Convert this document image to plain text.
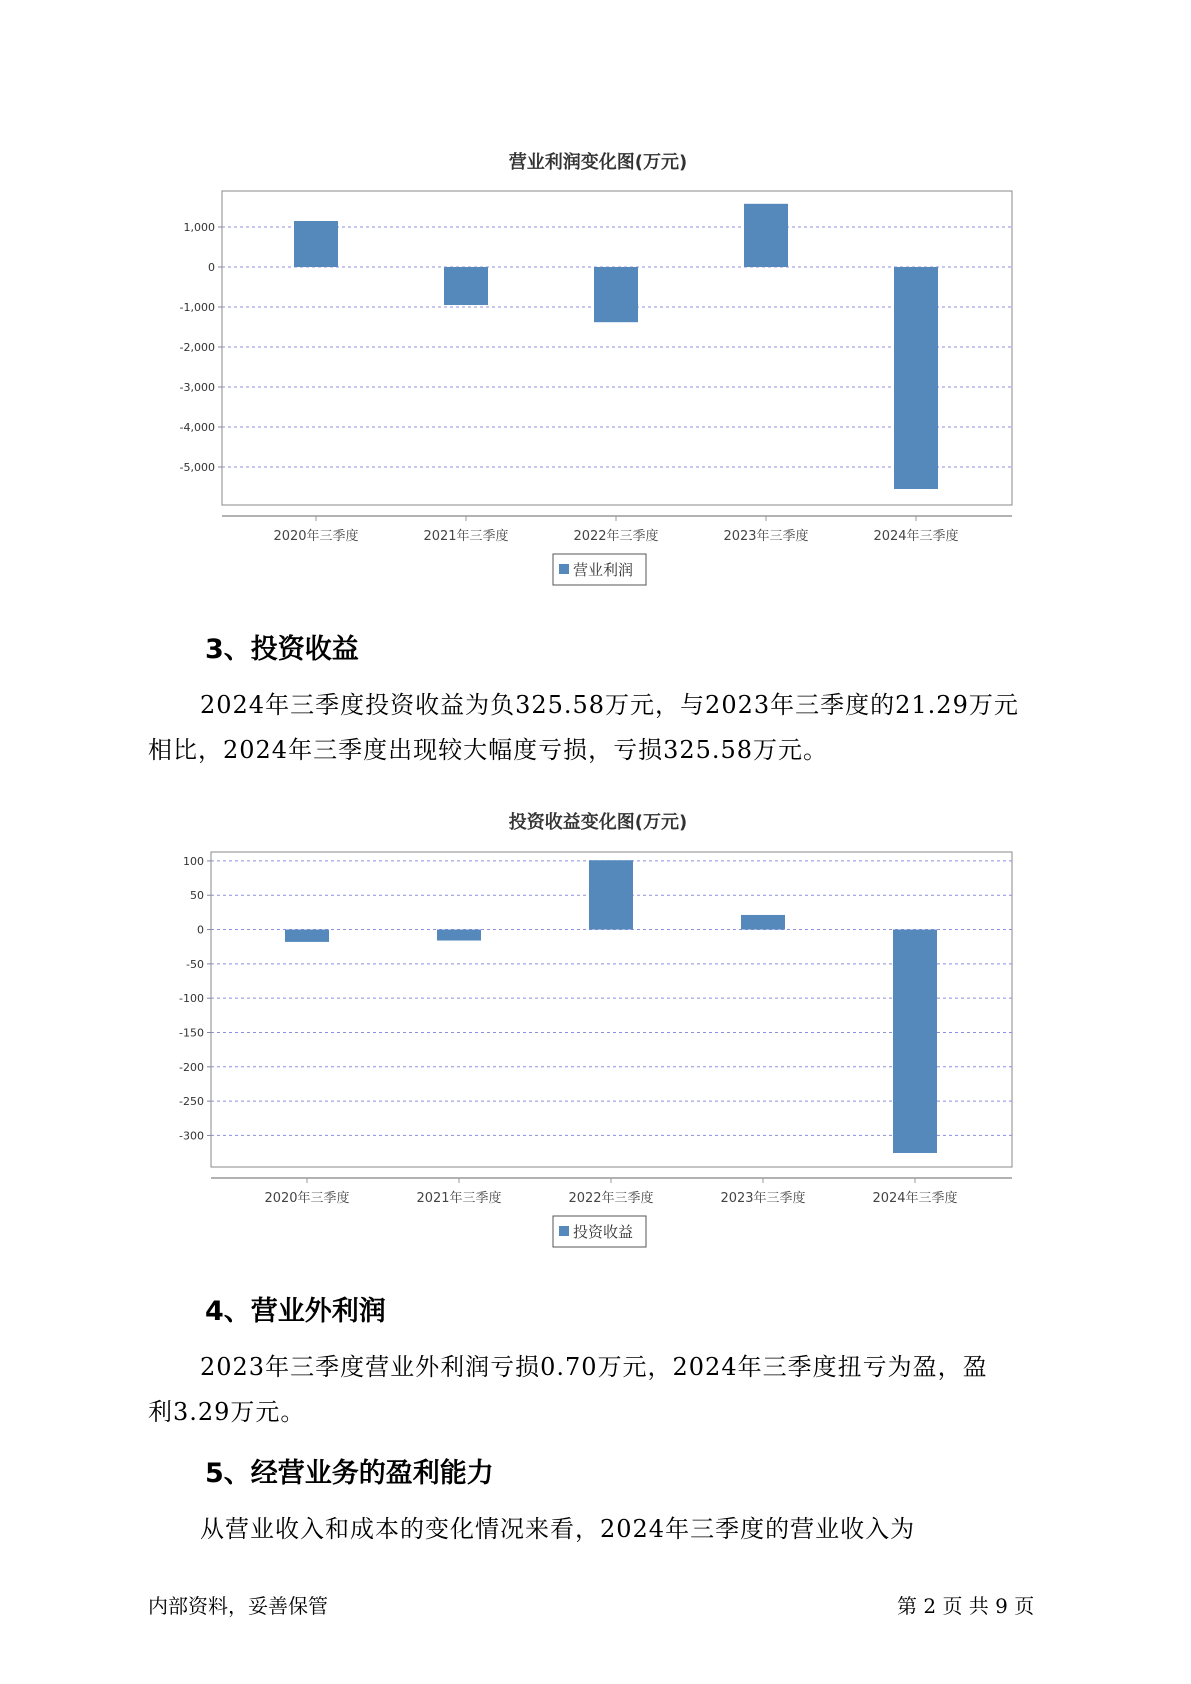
营业利润变化图(万元)
1,000
0
-1,000
-2,000
-3,000
-4,000
-5,000
2020年三季度	2021年三季度	2022年三季度	2023年三季度	2024年三季度
营业利润
投资收益变化图(万元)
100
50
0
-50
-100
-150
-200
-250
-300
2020年三季度	2021年三季度	2022年三季度	2023年三季度	2024年三季度
投资收益
3、投资收益

2024年三季度投资收益为负325.58万元，与2023年三季度的21.29万元
相比，2024年三季度出现较大幅度亏损，亏损325.58万元。

4、营业外利润

2023年三季度营业外利润亏损0.70万元，2024年三季度扭亏为盈，盈
利3.29万元。

5、经营业务的盈利能力

从营业收入和成本的变化情况来看，2024年三季度的营业收入为

内部资料，妥善保管	第 2 页 共 9 页
